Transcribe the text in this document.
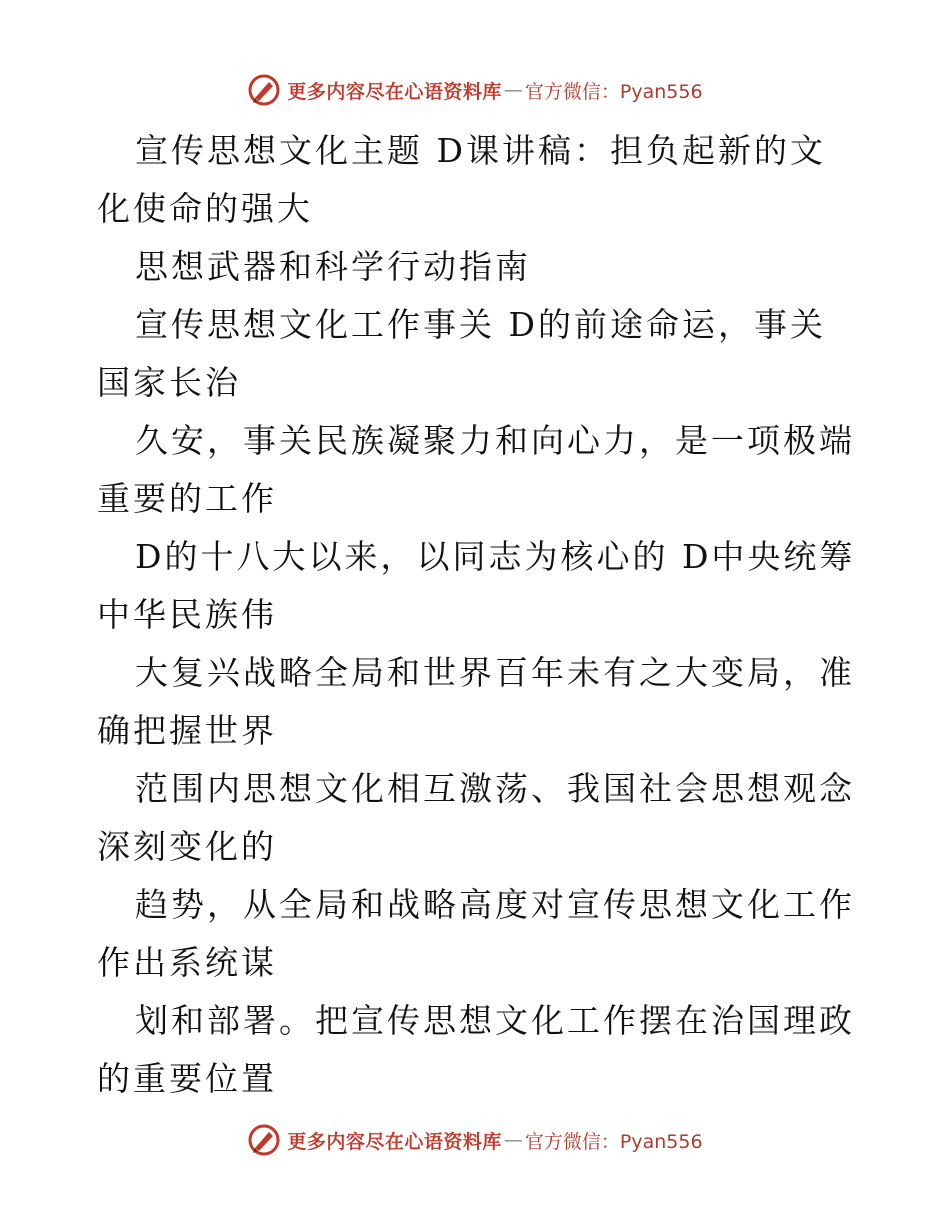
更多内容尽在心语资料库 — 官方微信：Pyan556

宣传思想文化主题 D课讲稿：担负起新的文化使命的强大

思想武器和科学行动指南

宣传思想文化工作事关 D的前途命运，事关国家长治

久安，事关民族凝聚力和向心力，是一项极端重要的工作

D的十八大以来，以同志为核心的 D中央统筹中华民族伟

大复兴战略全局和世界百年未有之大变局，准确把握世界

范围内思想文化相互激荡、我国社会思想观念深刻变化的

趋势，从全局和战略高度对宣传思想文化工作作出系统谋

划和部署。把宣传思想文化工作摆在治国理政的重要位置

更多内容尽在心语资料库 — 官方微信：Pyan556
